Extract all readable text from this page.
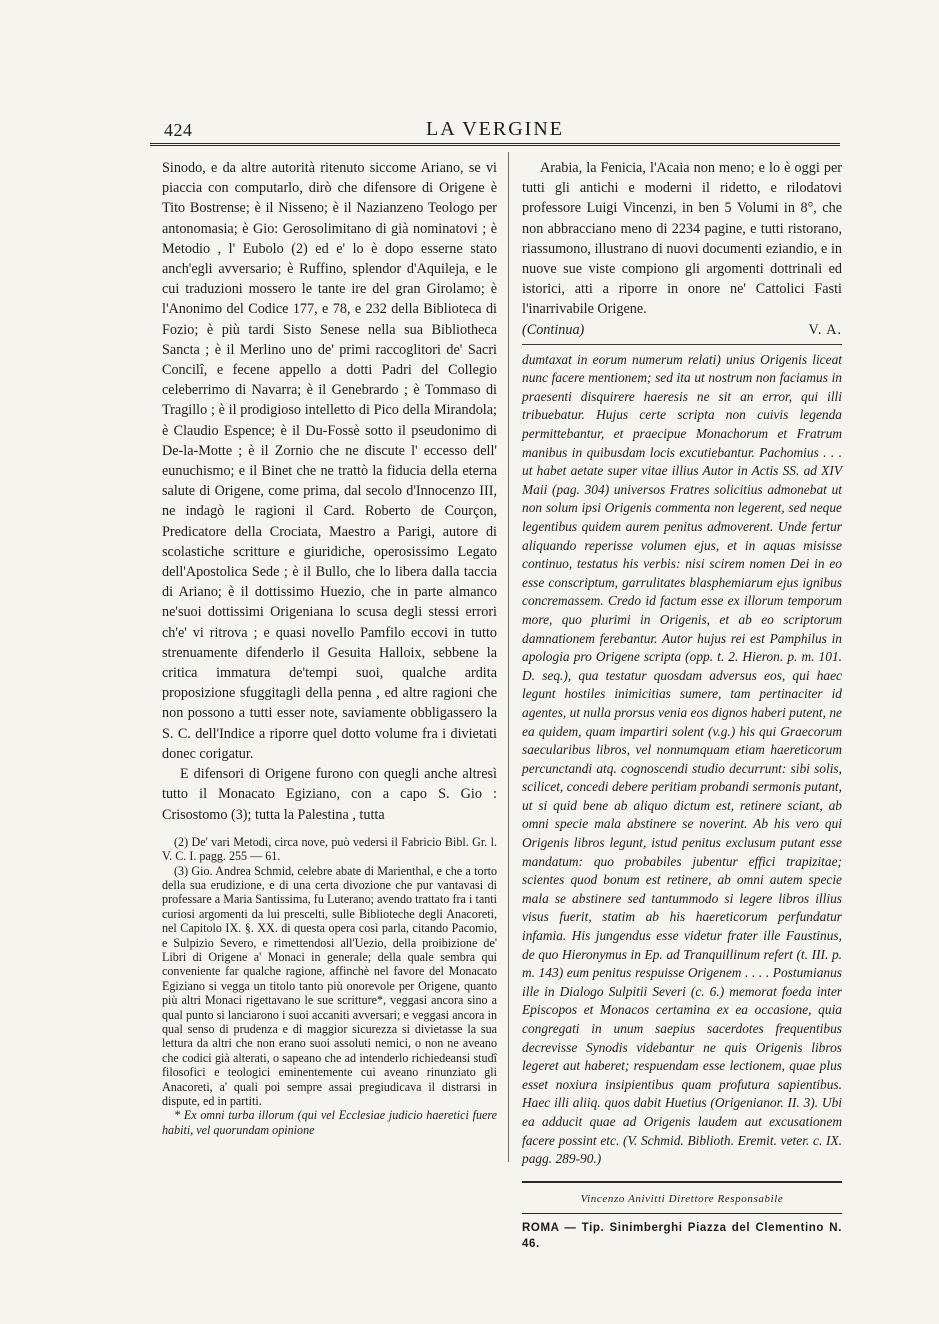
424	LA VERGINE

Sinodo, e da altre autorità ritenuto siccome Ariano, se vi piaccia con computarlo, dirò che difensore di Origene è Tito Bostrense; è il Nisseno; è il Nazianzeno Teologo per antonomasia; è Gio: Gerosolimitano di già nominatovi ; è Metodio , l' Eubolo (2) ed e' lo è dopo esserne stato anch'egli avversario; è Ruffino, splendor d'Aquileja, e le cui traduzioni mossero le tante ire del gran Girolamo; è l'Anonimo del Codice 177, e 78, e 232 della Biblioteca di Fozio; è più tardi Sisto Senese nella sua Bibliotheca Sancta ; è il Merlino uno de' primi raccoglitori de' Sacri Concilî, e fecene appello a dotti Padri del Collegio celeberrimo di Navarra; è il Genebrardo ; è Tommaso di Tragillo ; è il prodigioso intelletto di Pico della Mirandola; è Claudio Espence; è il Du-Fossè sotto il pseudonimo di De-la-Motte ; è il Zornio che ne discute l' eccesso dell' eunuchismo; e il Binet che ne trattò la fiducia della eterna salute di Origene, come prima, dal secolo d'Innocenzo III, ne indagò le ragioni il Card. Roberto de Courçon, Predicatore della Crociata, Maestro a Parigi, autore di scolastiche scritture e giuridiche, operosissimo Legato dell'Apostolica Sede ; è il Bullo, che lo libera dalla taccia di Ariano; è il dottissimo Huezio, che in parte almanco ne'suoi dottissimi Origeniana lo scusa degli stessi errori ch'e' vi ritrova ; e quasi novello Pamfilo eccovi in tutto strenuamente difenderlo il Gesuita Halloix, sebbene la critica immatura de'tempi suoi, qualche ardita proposizione sfuggitagli della penna , ed altre ragioni che non possono a tutti esser note, saviamente obbligassero la S. C. dell'Indice a riporre quel dotto volume fra i divietati donec corigatur.

E difensori di Origene furono con quegli anche altresì tutto il Monacato Egiziano, con a capo S. Gio : Crisostomo (3); tutta la Palestina , tutta

(2) De' vari Metodi, circa nove, può vedersi il Fabricio Bibl. Gr. l. V. C. I. pagg. 255 — 61.

(3) Gio. Andrea Schmid, celebre abate di Marienthal, e che a torto della sua erudizione, e di una certa divozione che pur vantavasi di professare a Maria Santissima, fu Luterano; avendo trattato fra i tanti curiosi argomenti da lui prescelti, sulle Biblioteche degli Anacoreti, nel Capitolo IX. §. XX. di questa opera così parla, citando Pacomio, e Sulpizio Severo, e rimettendosi all'Uezio, della proibizione de' Libri di Origene a' Monaci in generale; della quale sembra qui conveniente far qualche ragione, affinchè nel favore del Monacato Egiziano si vegga un titolo tanto più onorevole per Origene, quanto più altri Monaci rigettavano le sue scritture*, veggasi ancora sino a qual punto si lanciarono i suoi accaniti avversari; e veggasi ancora in qual senso di prudenza e di maggior sicurezza si divietasse la sua lettura da altri che non erano suoi assoluti nemici, o non ne aveano che codici già alterati, o sapeano che ad intenderlo richiedeansi studî filosofici e teologici eminentemente cui aveano rinunziato gli Anacoreti, a' quali poi sempre assai pregiudicava il distrarsi in dispute, ed in partiti.

* Ex omni turba illorum (qui vel Ecclesiae judicio haeretici fuere habiti, vel quorundam opinione

Arabia, la Fenicia, l'Acaia non meno; e lo è oggi per tutti gli antichi e moderni il ridetto, e rilodatovi professore Luigi Vincenzi, in ben 5 Volumi in 8°, che non abbracciano meno di 2234 pagine, e tutti ristorano, riassumono, illustrano di nuovi documenti eziandio, e in nuove sue viste compiono gli argomenti dottrinali ed istorici, atti a riporre in onore ne' Cattolici Fasti l'inarrivabile Origene.

(Continua)	V. A.

dumtaxat in eorum numerum relati) unius Origenis liceat nunc facere mentionem; sed ita ut nostrum non faciamus in praesenti disquirere haeresis ne sit an error, qui illi tribuebatur. Hujus certe scripta non cuivis legenda permittebantur, et praecipue Monachorum et Fratrum manibus in quibusdam locis excutiebantur. Pachomius . . . ut habet aetate super vitae illius Autor in Actis SS. ad XIV Maii (pag. 304) universos Fratres solicitius admonebat ut non solum ipsi Origenis commenta non legerent, sed neque legentibus quidem aurem penitus admoverent. Unde fertur aliquando reperisse volumen ejus, et in aquas misisse continuo, testatus his verbis: nisi scirem nomen Dei in eo esse conscriptum, garrulitates blasphemiarum ejus ignibus concremassem. Credo id factum esse ex illorum temporum more, quo plurimi in Origenis, et ab eo scriptorum damnationem ferebantur. Autor hujus rei est Pamphilus in apologia pro Origene scripta (opp. t. 2. Hieron. p. m. 101. D. seq.), qua testatur quosdam adversus eos, qui haec legunt hostiles inimicitias sumere, tam pertinaciter id agentes, ut nulla prorsus venia eos dignos haberi putent, ne ea quidem, quam impartiri solent (v.g.) his qui Graecorum saecularibus libros, vel nonnumquam etiam haereticorum percunctandi atq. cognoscendi studio decurrunt: sibi solis, scilicet, concedi debere peritiam probandi sermonis putant, ut si quid bene ab aliquo dictum est, retinere sciant, ab omni specie mala abstinere se noverint. Ab his vero qui Origenis libros legunt, istud penitus exclusum putant esse mandatum: quo probabiles jubentur effici trapizitae; scientes quod bonum est retinere, ab omni autem specie mala se abstinere sed tantummodo si legere libros illius visus fuerit, statim ab his haereticorum perfundatur infamia. His jungendus esse videtur frater ille Faustinus, de quo Hieronymus in Ep. ad Tranquillinum refert (t. III. p. m. 143) eum penitus respuisse Origenem . . . . Postumianus ille in Dialogo Sulpitii Severi (c. 6.) memorat foeda inter Episcopos et Monacos certamina ex ea occasione, quia congregati in unum saepius sacerdotes frequentibus decrevisse Synodis videbantur ne quis Origenis libros legeret aut haberet; respuendam esse lectionem, quae plus esset noxiura insipientibus quam profutura sapientibus. Haec illi aliiq. quos dabit Huetius (Origenianor. II. 3). Ubi ea adducit quae ad Origenis laudem aut excusationem facere possint etc. (V. Schmid. Biblioth. Eremit. veter. c. IX. pagg. 289-90.)

Vincenzo Anivitti Direttore Responsabile

ROMA — Tip. Sinimberghi Piazza del Clementino N. 46.
